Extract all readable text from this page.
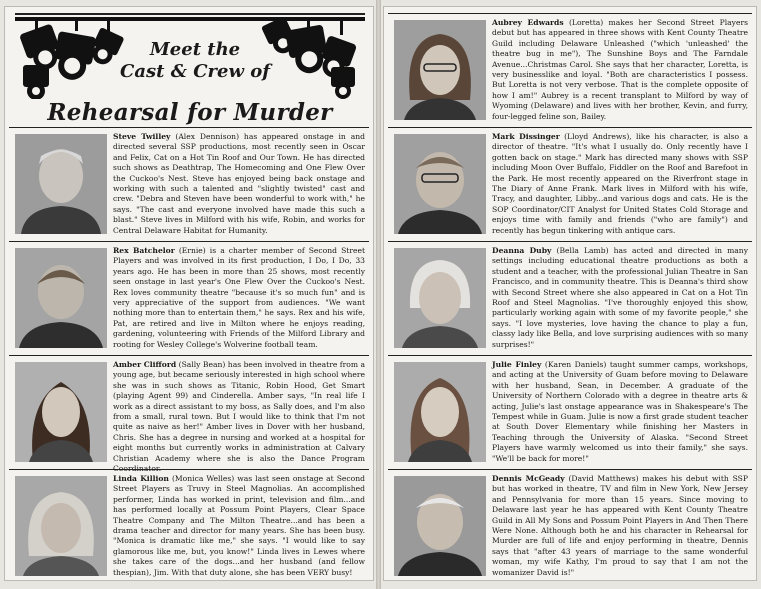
Meet the
Cast & Crew of
Rehearsal for Murder

Steve Twilley (Alex Dennison) has appeared onstage in and directed several SSP productions, most recently seen in Oscar and Felix, Cat on a Hot Tin Roof and Our Town. He has directed such shows as Deathtrap, The Homecoming and One Flew Over the Cuckoo's Nest. Steve has enjoyed being back onstage and working with such a talented and "slightly twisted" cast and crew. "Debra and Steven have been wonderful to work with," he says. "The cast and everyone involved have made this such a blast." Steve lives in Milford with his wife, Robin, and works for Central Delaware Habitat for Humanity.

Rex Batchelor (Ernie) is a charter member of Second Street Players and was involved in its first production, I Do, I Do, 33 years ago. He has been in more than 25 shows, most recently seen onstage in last year's One Flew Over the Cuckoo's Nest. Rex loves community theatre "because it's so much fun" and is very appreciative of the support from audiences. "We want nothing more than to entertain them," he says. Rex and his wife, Pat, are retired and live in Milton where he enjoys reading, gardening, volunteering with Friends of the Milford Library and rooting for Wesley College's Wolverine football team.

Amber Clifford (Sally Bean) has been involved in theatre from a young age, but became seriously interested in high school where she was in such shows as Titanic, Robin Hood, Get Smart (playing Agent 99) and Cinderella. Amber says, "In real life I work as a direct assistant to my boss, as Sally does, and I'm also from a small, rural town. But I would like to think that I'm not quite as naive as her!" Amber lives in Dover with her husband, Chris. She has a degree in nursing and worked at a hospital for eight months but currently works in administration at Calvary Christian Academy where she is also the Dance Program Coordinator.

Linda Killion (Monica Welles) was last seen onstage at Second Street Players as Truvy in Steel Magnolias. An accomplished performer, Linda has worked in print, television and film...and has performed locally at Possum Point Players, Clear Space Theatre Company and The Milton Theatre...and has been a drama teacher and director for many years. She has been busy. "Monica is dramatic like me," she says. "I would like to say glamorous like me, but, you know!" Linda lives in Lewes where she takes care of the dogs...and her husband (and fellow thespian), Jim. With that duty alone, she has been VERY busy!

Aubrey Edwards (Loretta) makes her Second Street Players debut but has appeared in three shows with Kent County Theatre Guild including Delaware Unleashed ("which 'unleashed' the theatre bug in me"), The Sunshine Boys and The Farndale Avenue...Christmas Carol. She says that her character, Loretta, is very businesslike and loyal. "Both are characteristics I possess. But Loretta is not very verbose. That is the complete opposite of how I am!" Aubrey is a recent transplant to Milford by way of Wyoming (Delaware) and lives with her brother, Kevin, and furry, four-legged feline son, Bailey.

Mark Dissinger (Lloyd Andrews), like his character, is also a director of theatre. "It's what I usually do. Only recently have I gotten back on stage." Mark has directed many shows with SSP including Moon Over Buffalo, Fiddler on the Roof and Barefoot in the Park. He most recently appeared on the Riverfront stage in The Diary of Anne Frank. Mark lives in Milford with his wife, Tracy, and daughter, Libby...and various dogs and cats. He is the SOP Coordinator/CIT Analyst for United States Cold Storage and enjoys time with family and friends ("who are family") and recently has begun tinkering with antique cars.

Deanna Duby (Bella Lamb) has acted and directed in many settings including educational theatre productions as both a student and a teacher, with the professional Julian Theatre in San Francisco, and in community theatre. This is Deanna's third show with Second Street where she also appeared in Cat on a Hot Tin Roof and Steel Magnolias. "I've thoroughly enjoyed this show, particularly working again with some of my favorite people," she says. "I love mysteries, love having the chance to play a fun, classy lady like Bella, and love surprising audiences with so many surprises!"

Julie Finley (Karen Daniels) taught summer camps, workshops, and acting at the University of Guam before moving to Delaware with her husband, Sean, in December. A graduate of the University of Northern Colorado with a degree in theatre arts & acting, Julie's last onstage appearance was in Shakespeare's The Tempest while in Guam. Julie is now a first grade student teacher at South Dover Elementary while finishing her Masters in Teaching through the University of Alaska. "Second Street Players have warmly welcomed us into their family," she says. "We'll be back for more!"

Dennis McGeady (David Matthews) makes his debut with SSP but has worked in theatre, TV and film in New York, New Jersey and Pennsylvania for more than 15 years. Since moving to Delaware last year he has appeared with Kent County Theatre Guild in All My Sons and Possum Point Players in And Then There Were None. Although both he and his character in Rehearsal for Murder are full of life and enjoy performing in theatre, Dennis says that "after 43 years of marriage to the same wonderful woman, my wife Kathy, I'm proud to say that I am not the womanizer David is!"
